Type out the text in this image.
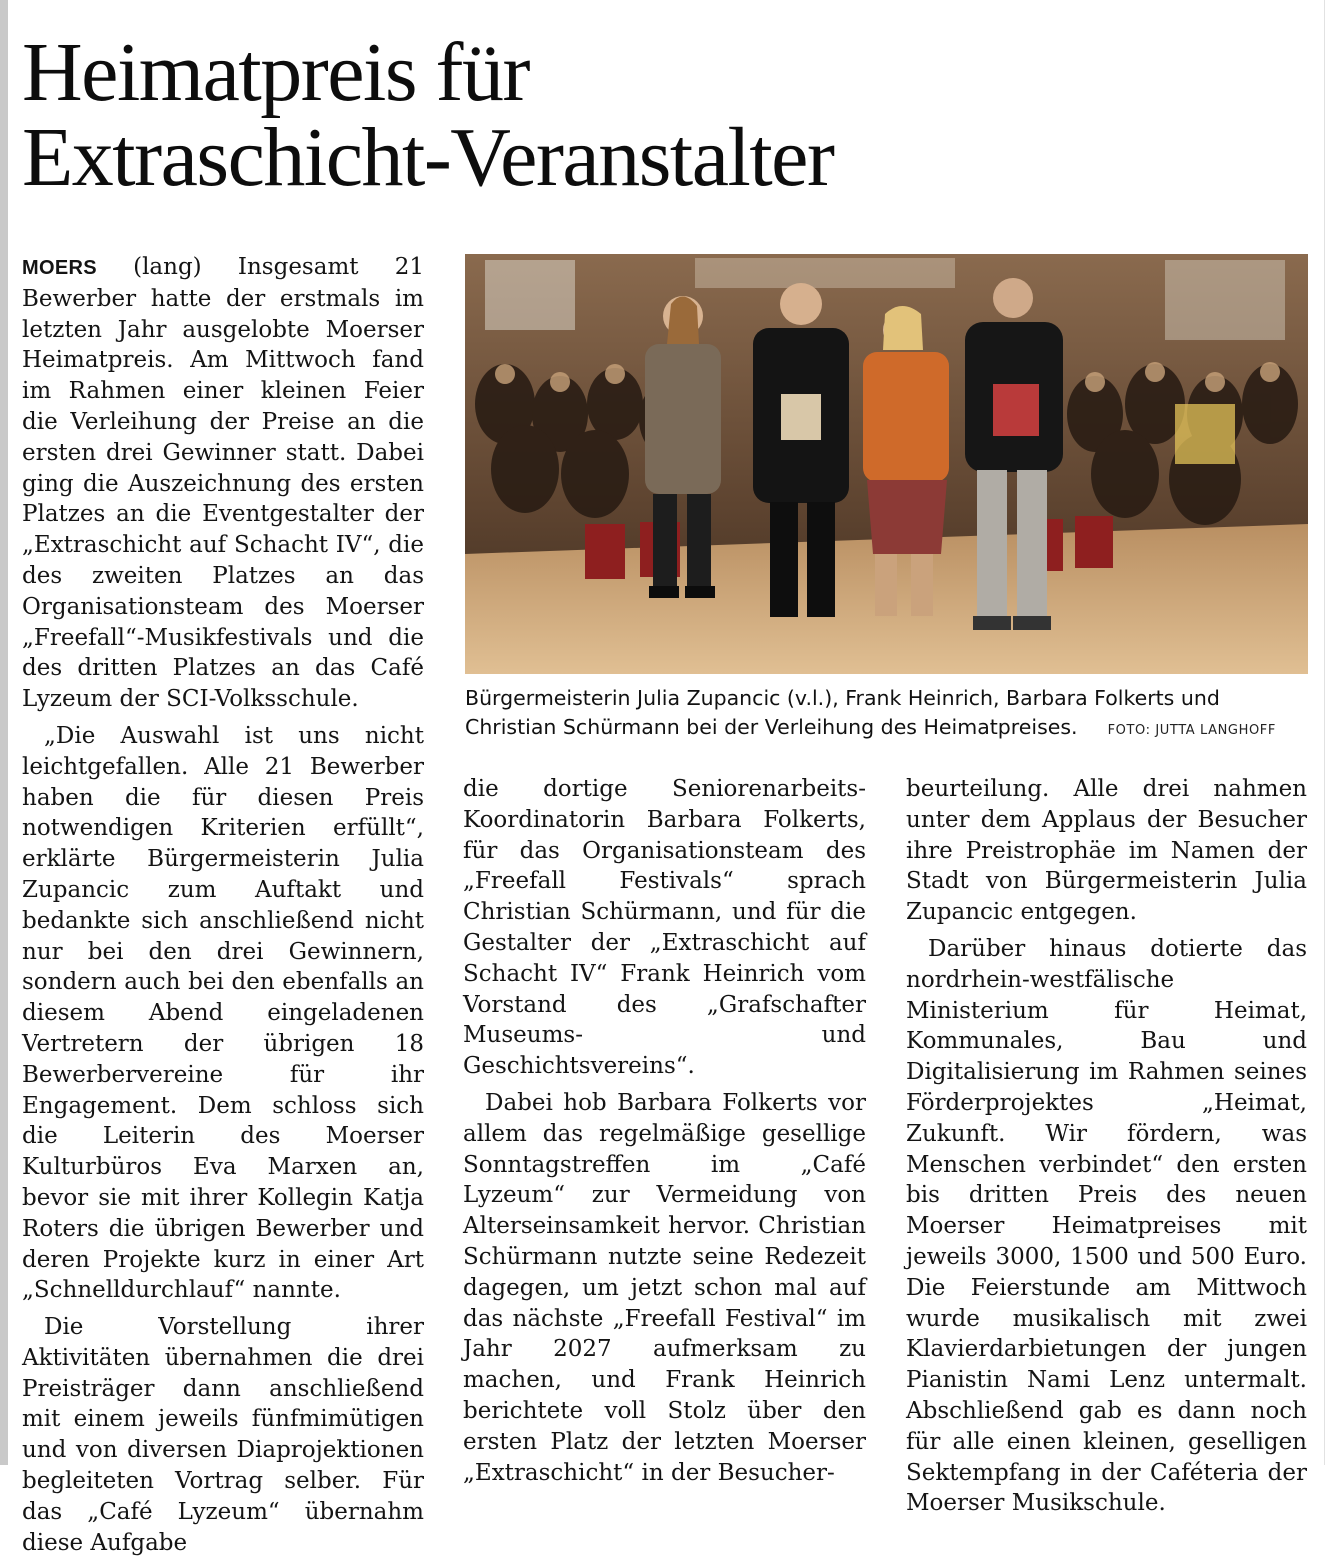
Heimatpreis für
Extraschicht-Veranstalter

MOERS (lang) Insgesamt 21 Bewerber hatte der erstmals im letzten Jahr ausgelobte Moerser Heimatpreis. Am Mittwoch fand im Rahmen einer kleinen Feier die Verleihung der Preise an die ersten drei Gewinner statt. Dabei ging die Auszeichnung des ersten Platzes an die Eventgestalter der „Extraschicht auf Schacht IV“, die des zweiten Platzes an das Organisationsteam des Moerser „Freefall“-Musikfestivals und die des dritten Platzes an das Café Lyzeum der SCI-Volksschule.

„Die Auswahl ist uns nicht leichtgefallen. Alle 21 Bewerber haben die für diesen Preis notwendigen Kriterien erfüllt“, erklärte Bürgermeisterin Julia Zupancic zum Auftakt und bedankte sich anschließend nicht nur bei den drei Gewinnern, sondern auch bei den ebenfalls an diesem Abend eingeladenen Vertretern der übrigen 18 Bewerbervereine für ihr Engagement. Dem schloss sich die Leiterin des Moerser Kulturbüros Eva Marxen an, bevor sie mit ihrer Kollegin Katja Roters die übrigen Bewerber und deren Projekte kurz in einer Art „Schnelldurchlauf“ nannte.

Die Vorstellung ihrer Aktivitäten übernahmen die drei Preisträger dann anschließend mit einem jeweils fünfmimütigen und von diversen Diaprojektionen begleiteten Vortrag selber. Für das „Café Lyzeum“ übernahm diese Aufgabe

Bürgermeisterin Julia Zupancic (v.l.), Frank Heinrich, Barbara Folkerts und Christian Schürmann bei der Verleihung des Heimatpreises. FOTO: JUTTA LANGHOFF

die dortige Seniorenarbeits-Koordinatorin Barbara Folkerts, für das Organisationsteam des „Freefall Festivals“ sprach Christian Schürmann, und für die Gestalter der „Extraschicht auf Schacht IV“ Frank Heinrich vom Vorstand des „Grafschafter Museums- und Geschichtsvereins“.

Dabei hob Barbara Folkerts vor allem das regelmäßige gesellige Sonntagstreffen im „Café Lyzeum“ zur Vermeidung von Alterseinsamkeit hervor. Christian Schürmann nutzte seine Redezeit dagegen, um jetzt schon mal auf das nächste „Freefall Festival“ im Jahr 2027 aufmerksam zu machen, und Frank Heinrich berichtete voll Stolz über den ersten Platz der letzten Moerser „Extraschicht“ in der Besucher-

beurteilung. Alle drei nahmen unter dem Applaus der Besucher ihre Preistrophäe im Namen der Stadt von Bürgermeisterin Julia Zupancic entgegen.

Darüber hinaus dotierte das nordrhein-westfälische Ministerium für Heimat, Kommunales, Bau und Digitalisierung im Rahmen seines Förderprojektes „Heimat, Zukunft. Wir fördern, was Menschen verbindet“ den ersten bis dritten Preis des neuen Moerser Heimatpreises mit jeweils 3000, 1500 und 500 Euro. Die Feierstunde am Mittwoch wurde musikalisch mit zwei Klavierdarbietungen der jungen Pianistin Nami Lenz untermalt. Abschließend gab es dann noch für alle einen kleinen, geselligen Sektempfang in der Caféteria der Moerser Musikschule.
